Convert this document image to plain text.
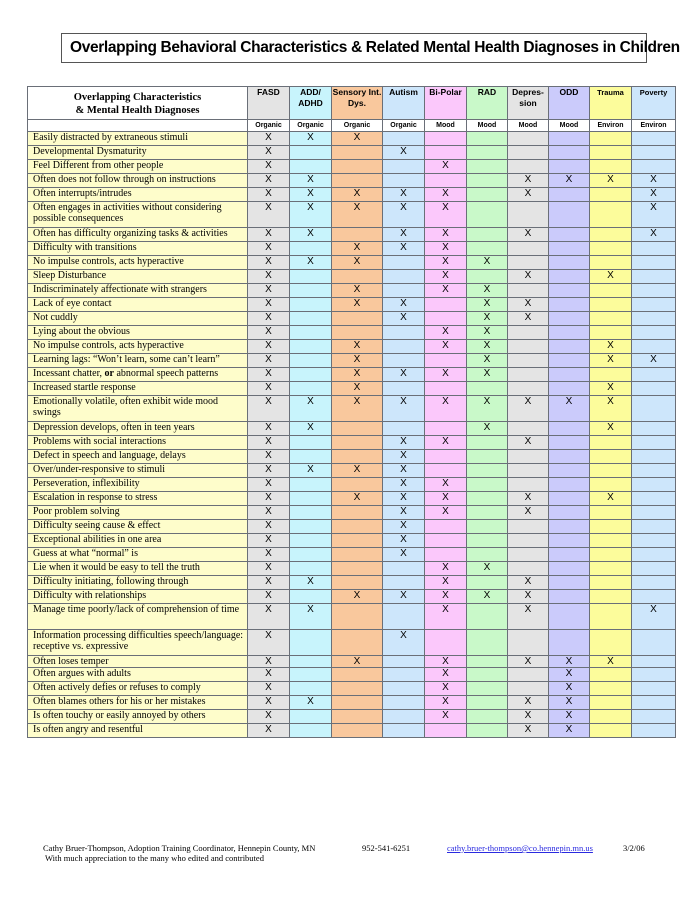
Overlapping Behavioral Characteristics & Related Mental Health Diagnoses in Children
Overlapping Characteristics
& Mental Health Diagnoses	FASD	ADD/ ADHD	Sensory Int. Dys.	Autism	Bi-Polar	RAD	Depres- sion	ODD	Trauma	Poverty
	Organic	Organic	Organic	Organic	Mood	Mood	Mood	Mood	Environ	Environ
Easily distracted by extraneous stimuli	X	X	X							
Developmental Dysmaturity	X			X						
Feel Different from other people	X				X					
Often does not follow through on instructions	X	X					X	X	X	X
Often interrupts/intrudes	X	X	X	X	X		X			X
Often engages in activities without considering possible consequences	X	X	X	X	X					X
Often has difficulty organizing tasks & activities	X	X		X	X		X			X
Difficulty with transitions	X		X	X	X					
No impulse controls, acts hyperactive	X	X	X		X	X				
Sleep Disturbance	X				X		X		X	
Indiscriminately affectionate with strangers	X		X		X	X				
Lack of eye contact	X		X	X		X	X			
Not cuddly	X			X		X	X			
Lying about the obvious	X				X	X				
No impulse controls, acts hyperactive	X		X		X	X			X	
Learning lags: “Won’t learn, some can’t learn”	X		X			X			X	X
Incessant chatter, or abnormal speech patterns	X		X	X	X	X				
Increased startle response	X		X						X	
Emotionally volatile, often exhibit wide mood swings	X	X	X	X	X	X	X	X	X	
Depression develops, often in teen years	X	X				X			X	
Problems with social interactions	X			X	X		X			
Defect in speech and language, delays	X			X						
Over/under-responsive to stimuli	X	X	X	X						
Perseveration, inflexibility	X			X	X					
Escalation in response to stress	X		X	X	X		X		X	
Poor problem solving	X			X	X		X			
Difficulty seeing cause & effect	X			X						
Exceptional abilities in one area	X			X						
Guess at what “normal” is	X			X						
Lie when it would be easy to tell the truth	X				X	X				
Difficulty initiating, following through	X	X			X		X			
Difficulty with relationships	X		X	X	X	X	X			
Manage time poorly/lack of comprehension of time	X	X			X		X			X
Information processing difficulties speech/language: receptive vs. expressive	X			X						
Often loses temper	X		X		X		X	X	X	
Often argues with adults	X				X			X		
Often actively defies or refuses to comply	X				X			X		
Often blames others for his or her mistakes	X	X			X		X	X		
Is often touchy or easily annoyed by others	X				X		X	X		
Is often angry and resentful	X						X	X		
Cathy Bruer-Thompson, Adoption Training Coordinator, Hennepin County, MN	952-541-6251	cathy.bruer-thompson@co.hennepin.mn.us	3/2/06
With much appreciation to the many who edited and contributed
